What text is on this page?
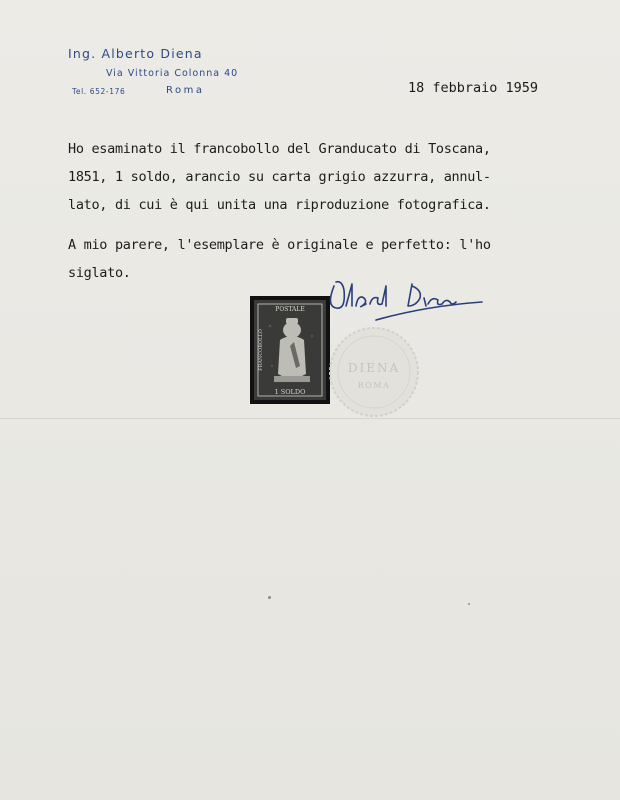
Ing. Alberto Diena
Via Vittoria Colonna 40
Tel. 652-176	Roma	18 febbraio 1959
Ho esaminato il francobollo del Granducato di Toscana,
1851, 1 soldo, arancio su carta grigio azzurra, annul-
lato, di cui è qui unita una riproduzione fotografica.
A mio parere, l'esemplare è originale e perfetto: l'ho
siglato.
POSTALE
1 SOLDO
FRANCOBOLLO	DIENA
ROMA
